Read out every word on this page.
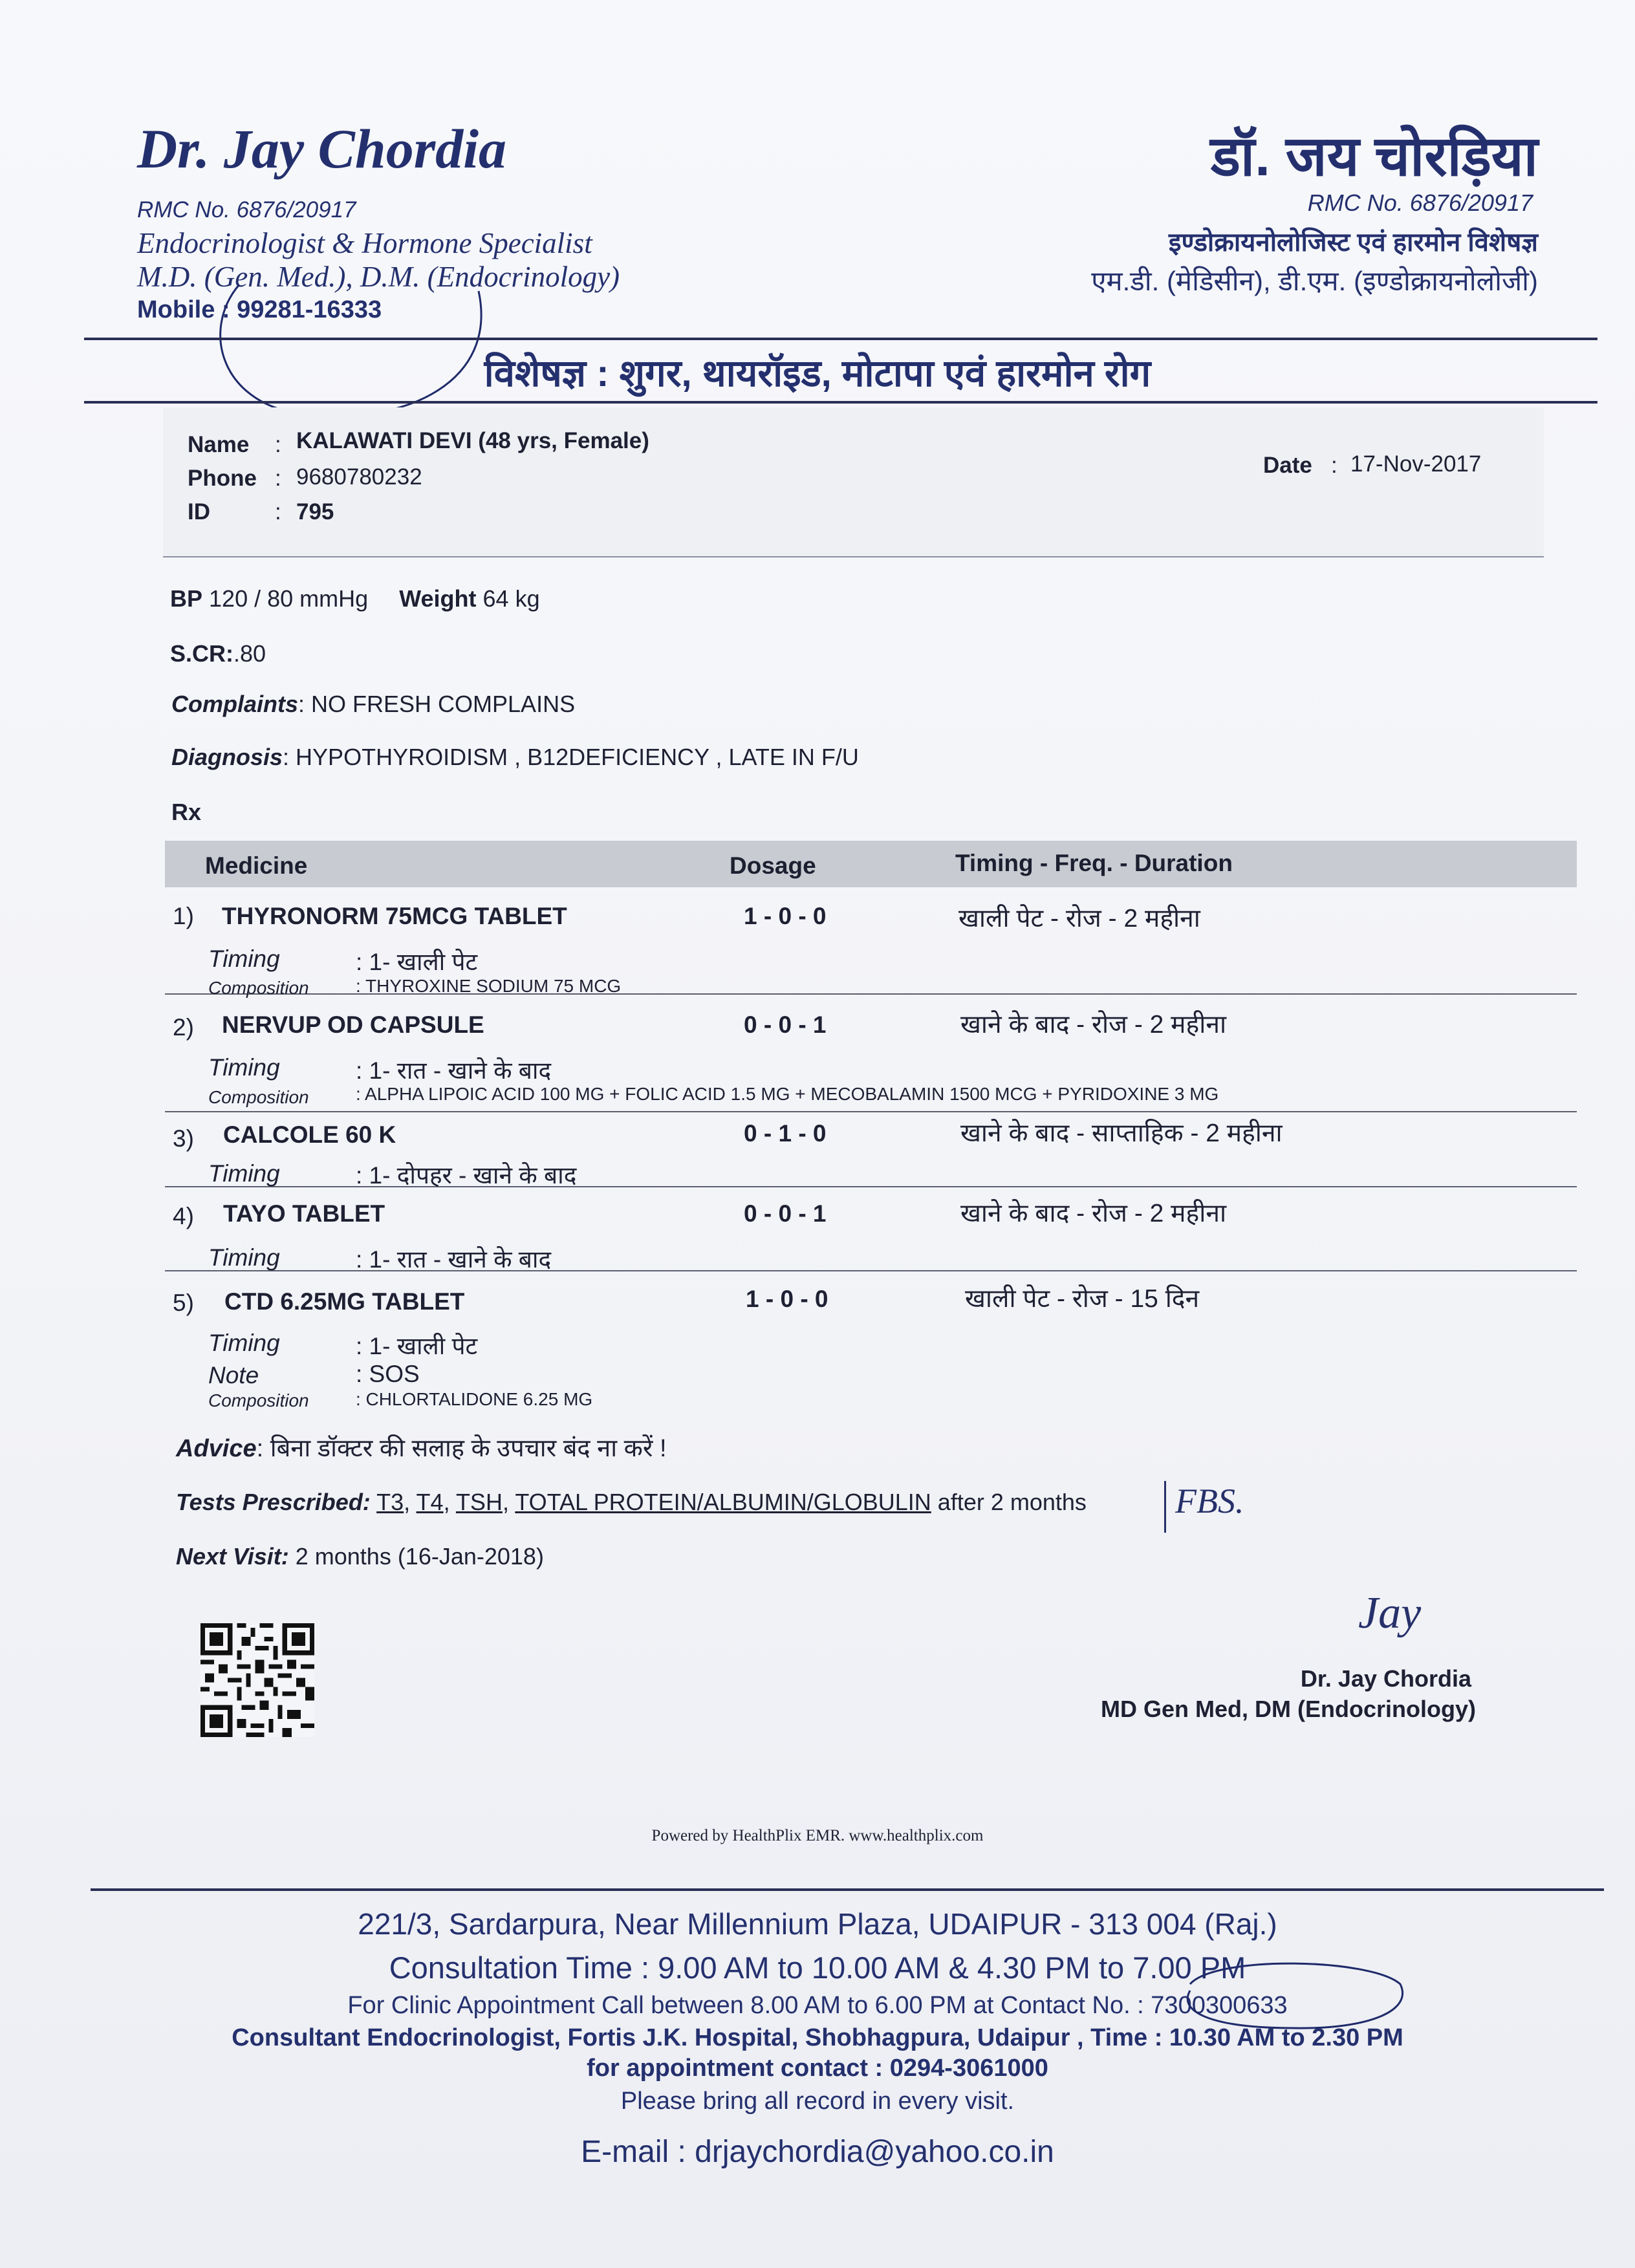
Dr. Jay Chordia
RMC No. 6876/20917
Endocrinologist & Hormone Specialist
M.D. (Gen. Med.), D.M. (Endocrinology)
Mobile : 99281-16333
डॉ. जय चोरड़िया
RMC No. 6876/20917
इण्डोक्रायनोलोजिस्ट एवं हारमोन विशेषज्ञ
एम.डी. (मेडिसीन), डी.एम. (इण्डोक्रायनोलोजी)
विशेषज्ञ : शुगर, थायरॉइड, मोटापा एवं हारमोन रोग
Name : KALAWATI DEVI (48 yrs, Female)
Phone : 9680780232
ID	: 795
Date : 17-Nov-2017
BP 120 / 80 mmHg Weight 64 kg
S.CR:.80
Complaints: NO FRESH COMPLAINS
Diagnosis: HYPOTHYROIDISM , B12DEFICIENCY , LATE IN F/U
Rx
Medicine	Dosage	Timing - Freq. - Duration
1) THYRONORM 75MCG TABLET	1 - 0 - 0	खाली पेट - रोज - 2 महीना
Timing	: 1- खाली पेट
Composition	: THYROXINE SODIUM 75 MCG
2) NERVUP OD CAPSULE	0 - 0 - 1	खाने के बाद - रोज - 2 महीना
Timing	: 1- रात - खाने के बाद
Composition	: ALPHA LIPOIC ACID 100 MG + FOLIC ACID 1.5 MG + MECOBALAMIN 1500 MCG + PYRIDOXINE 3 MG
3) CALCOLE 60 K	0 - 1 - 0	खाने के बाद - साप्ताहिक - 2 महीना
Timing	: 1- दोपहर - खाने के बाद
4) TAYO TABLET	0 - 0 - 1	खाने के बाद - रोज - 2 महीना
Timing	: 1- रात - खाने के बाद
5) CTD 6.25MG TABLET	1 - 0 - 0	खाली पेट - रोज - 15 दिन
Timing	: 1- खाली पेट
Note	: SOS
Composition	: CHLORTALIDONE 6.25 MG
Advice: बिना डॉक्टर की सलाह के उपचार बंद ना करें !
Tests Prescribed: T3, T4, TSH, TOTAL PROTEIN/ALBUMIN/GLOBULIN after 2 months	FBS.
Next Visit: 2 months (16-Jan-2018)
Jay
Dr. Jay Chordia
MD Gen Med, DM (Endocrinology)
Powered by HealthPlix EMR. www.healthplix.com
221/3, Sardarpura, Near Millennium Plaza, UDAIPUR - 313 004 (Raj.)
Consultation Time : 9.00 AM to 10.00 AM & 4.30 PM to 7.00 PM
For Clinic Appointment Call between 8.00 AM to 6.00 PM at Contact No. : 7300300633
Consultant Endocrinologist, Fortis J.K. Hospital, Shobhagpura, Udaipur , Time : 10.30 AM to 2.30 PM
for appointment contact : 0294-3061000
Please bring all record in every visit.
E-mail : drjaychordia@yahoo.co.in
